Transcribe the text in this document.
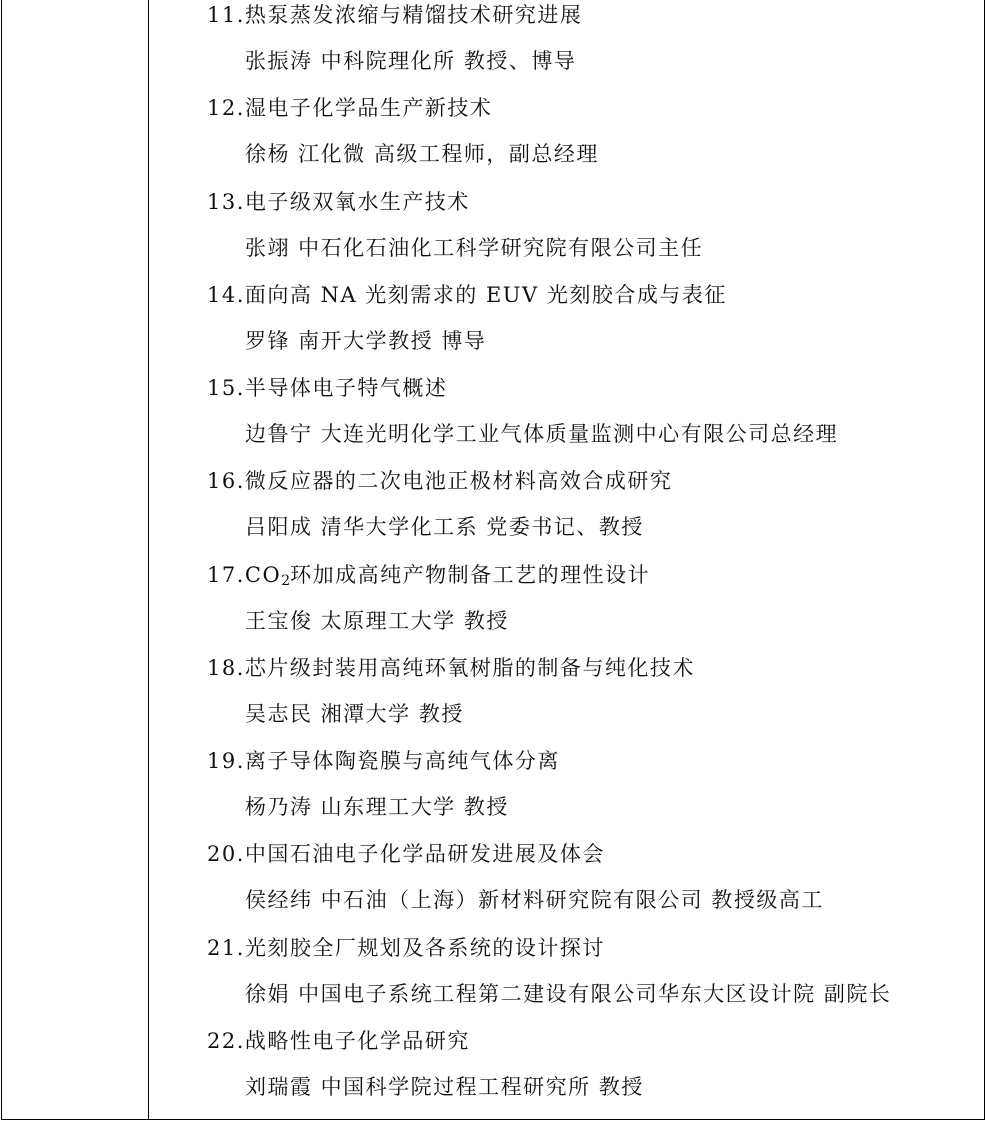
11.热泵蒸发浓缩与精馏技术研究进展
张振涛 中科院理化所 教授、博导
12.湿电子化学品生产新技术
徐杨 江化微 高级工程师，副总经理
13.电子级双氧水生产技术
张翊 中石化石油化工科学研究院有限公司主任
14.面向高 NA 光刻需求的 EUV 光刻胶合成与表征
罗锋 南开大学教授 博导
15.半导体电子特气概述
边鲁宁 大连光明化学工业气体质量监测中心有限公司总经理
16.微反应器的二次电池正极材料高效合成研究
吕阳成 清华大学化工系 党委书记、教授
$17.CO_2$环加成高纯产物制备工艺的理性设计
王宝俊 太原理工大学 教授
18.芯片级封装用高纯环氧树脂的制备与纯化技术
吴志民 湘潭大学 教授
19.离子导体陶瓷膜与高纯气体分离
杨乃涛 山东理工大学 教授
20.中国石油电子化学品研发进展及体会
侯经纬 中石油（上海）新材料研究院有限公司 教授级高工
21.光刻胶全厂规划及各系统的设计探讨
徐娟 中国电子系统工程第二建设有限公司华东大区设计院 副院长
22.战略性电子化学品研究
刘瑞霞 中国科学院过程工程研究所 教授
